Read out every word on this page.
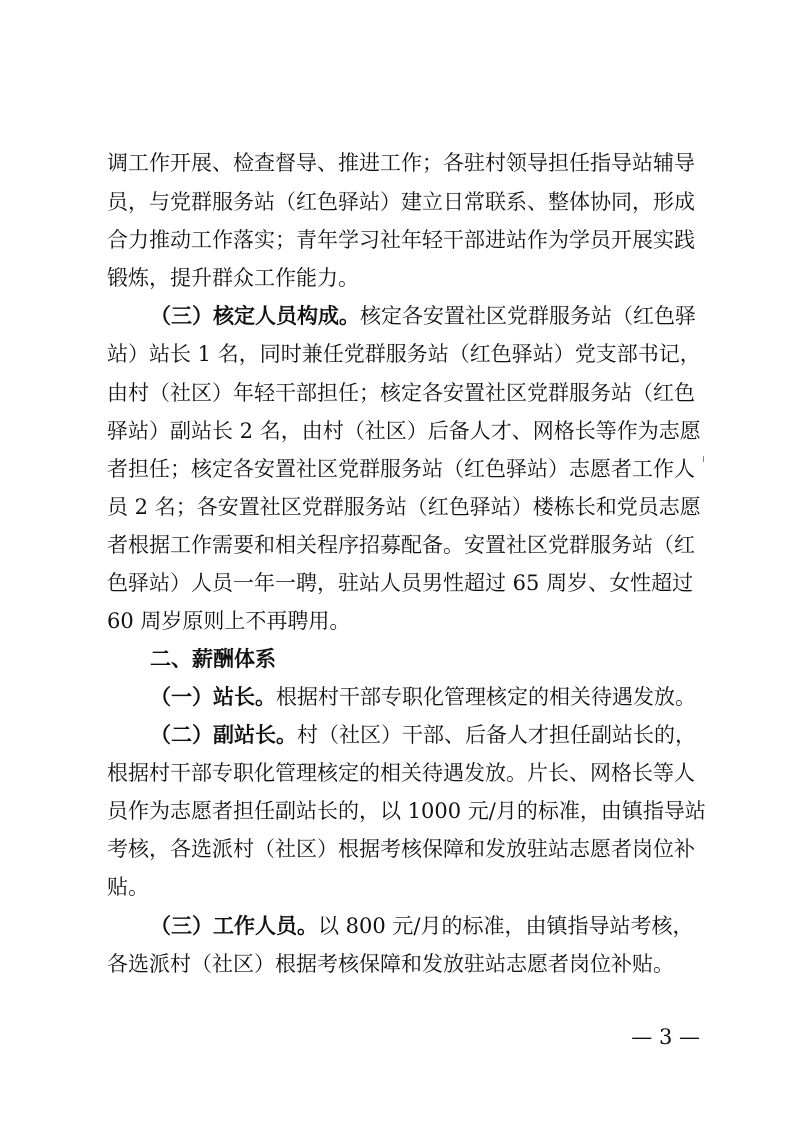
调工作开展、检查督导、推进工作；各驻村领导担任指导站辅导
员，与党群服务站（红色驿站）建立日常联系、整体协同，形成
合力推动工作落实；青年学习社年轻干部进站作为学员开展实践
锻炼，提升群众工作能力。
（三）核定人员构成。核定各安置社区党群服务站（红色驿
站）站长 1 名，同时兼任党群服务站（红色驿站）党支部书记，
由村（社区）年轻干部担任；核定各安置社区党群服务站（红色
驿站）副站长 2 名，由村（社区）后备人才、网格长等作为志愿
者担任；核定各安置社区党群服务站（红色驿站）志愿者工作人
员 2 名；各安置社区党群服务站（红色驿站）楼栋长和党员志愿
者根据工作需要和相关程序招募配备。安置社区党群服务站（红
色驿站）人员一年一聘，驻站人员男性超过 65 周岁、女性超过
60 周岁原则上不再聘用。
二、薪酬体系
（一）站长。根据村干部专职化管理核定的相关待遇发放。
（二）副站长。村（社区）干部、后备人才担任副站长的，
根据村干部专职化管理核定的相关待遇发放。片长、网格长等人
员作为志愿者担任副站长的，以 1000 元/月的标准，由镇指导站
考核，各选派村（社区）根据考核保障和发放驻站志愿者岗位补
贴。
（三）工作人员。以 800 元/月的标准，由镇指导站考核，
各选派村（社区）根据考核保障和发放驻站志愿者岗位补贴。
— 3 —
